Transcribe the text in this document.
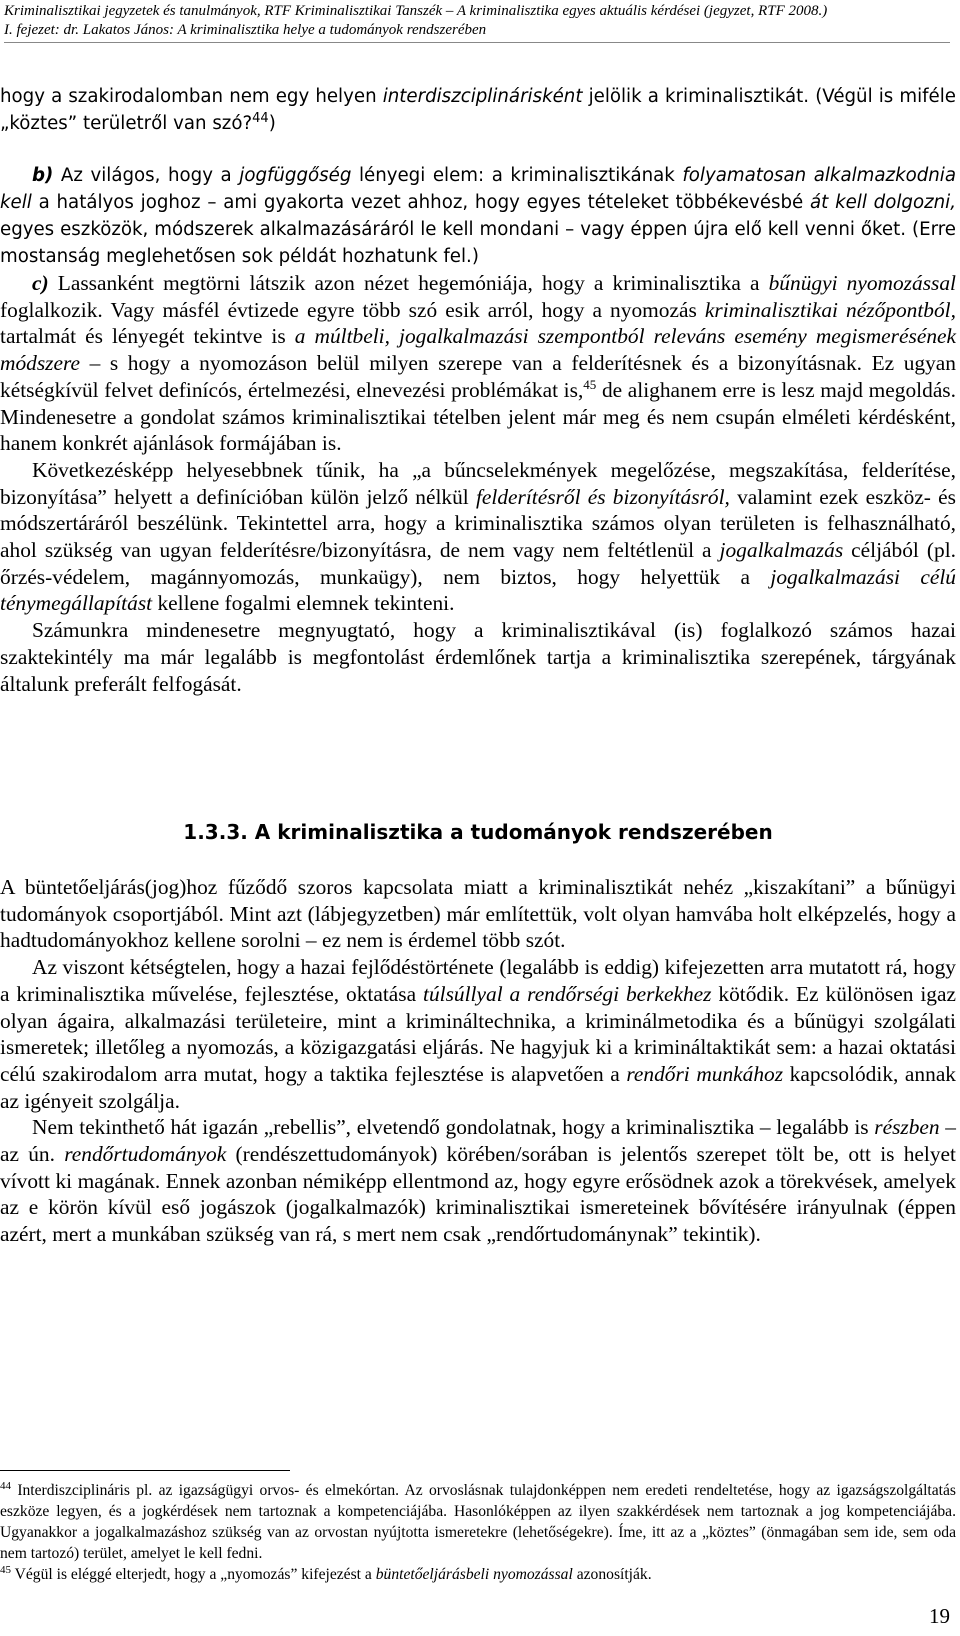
Kriminalisztikai jegyzetek és tanulmányok, RTF Kriminalisztikai Tanszék – A kriminalisztika egyes aktuális kérdései (jegyzet, RTF 2008.)
I. fejezet: dr. Lakatos János: A kriminalisztika helye a tudományok rendszerében

hogy a szakirodalomban nem egy helyen interdiszciplinárisként jelölik a kriminalisztikát. (Végül is miféle „köztes” területről van szó?$^{44}$)

b) Az világos, hogy a jogfüggőség lényegi elem: a kriminalisztikának folyamatosan alkalmazkodnia kell a hatályos joghoz – ami gyakorta vezet ahhoz, hogy egyes tételeket többékevésbé át kell dolgozni, egyes eszközök, módszerek alkalmazásáráról le kell mondani – vagy éppen újra elő kell venni őket. (Erre mostanság meglehetősen sok példát hozhatunk fel.)

c) Lassanként megtörni látszik azon nézet hegemóniája, hogy a kriminalisztika a bűnügyi nyomozással foglalkozik. Vagy másfél évtizede egyre több szó esik arról, hogy a nyomozás kriminalisztikai nézőpontból, tartalmát és lényegét tekintve is a múltbeli, jogalkalmazási szempontból releváns esemény megismerésének módszere – s hogy a nyomozáson belül milyen szerepe van a felderítésnek és a bizonyításnak. Ez ugyan kétségkívül felvet definícós, értelmezési, elnevezési problémákat is,$^{45}$ de alighanem erre is lesz majd megoldás. Mindenesetre a gondolat számos kriminalisztikai tételben jelent már meg és nem csupán elméleti kérdésként, hanem konkrét ajánlások formájában is.

Következésképp helyesebbnek tűnik, ha „a bűncselekmények megelőzése, megszakítása, felderítése, bizonyítása” helyett a definícióban külön jelző nélkül felderítésről és bizonyításról, valamint ezek eszköz- és módszertáráról beszélünk. Tekintettel arra, hogy a kriminalisztika számos olyan területen is felhasználható, ahol szükség van ugyan felderítésre/bizonyításra, de nem vagy nem feltétlenül a jogalkalmazás céljából (pl. őrzés-védelem, magánnyomozás, munkaügy), nem biztos, hogy helyettük a jogalkalmazási célú ténymegállapítást kellene fogalmi elemnek tekinteni.

Számunkra mindenesetre megnyugtató, hogy a kriminalisztikával (is) foglalkozó számos hazai szaktekintély ma már legalább is megfontolást érdemlőnek tartja a kriminalisztika szerepének, tárgyának általunk preferált felfogását.

1.3.3. A kriminalisztika a tudományok rendszerében

A büntetőeljárás(jog)hoz fűződő szoros kapcsolata miatt a kriminalisztikát nehéz „kiszakítani” a bűnügyi tudományok csoportjából. Mint azt (lábjegyzetben) már említettük, volt olyan hamvába holt elképzelés, hogy a hadtudományokhoz kellene sorolni – ez nem is érdemel több szót.

Az viszont kétségtelen, hogy a hazai fejlődéstörténete (legalább is eddig) kifejezetten arra mutatott rá, hogy a kriminalisztika művelése, fejlesztése, oktatása túlsúllyal a rendőrségi berkekhez kötődik. Ez különösen igaz olyan ágaira, alkalmazási területeire, mint a krimináltechnika, a kriminálmetodika és a bűnügyi szolgálati ismeretek; illetőleg a nyomozás, a közigazgatási eljárás. Ne hagyjuk ki a krimináltaktikát sem: a hazai oktatási célú szakirodalom arra mutat, hogy a taktika fejlesztése is alapvetően a rendőri munkához kapcsolódik, annak az igényeit szolgálja.

Nem tekinthető hát igazán „rebellis”, elvetendő gondolatnak, hogy a kriminalisztika – legalább is részben – az ún. rendőrtudományok (rendészettudományok) körében/sorában is jelentős szerepet tölt be, ott is helyet vívott ki magának. Ennek azonban némiképp ellentmond az, hogy egyre erősödnek azok a törekvések, amelyek az e körön kívül eső jogászok (jogalkalmazók) kriminalisztikai ismereteinek bővítésére irányulnak (éppen azért, mert a munkában szükség van rá, s mert nem csak „rendőrtudománynak” tekintik).

$^{44}$ Interdiszciplináris pl. az igazságügyi orvos- és elmekórtan. Az orvoslásnak tulajdonképpen nem eredeti rendeltetése, hogy az igazságszolgáltatás eszköze legyen, és a jogkérdések nem tartoznak a kompetenciájába. Hasonlóképpen az ilyen szakkérdések nem tartoznak a jog kompetenciájába. Ugyanakkor a jogalkalmazáshoz szükség van az orvostan nyújtotta ismeretekre (lehetőségekre). Íme, itt az a „köztes” (önmagában sem ide, sem oda nem tartozó) terület, amelyet le kell fedni.

$^{45}$ Végül is eléggé elterjedt, hogy a „nyomozás” kifejezést a büntetőeljárásbeli nyomozással azonosítják.

19
